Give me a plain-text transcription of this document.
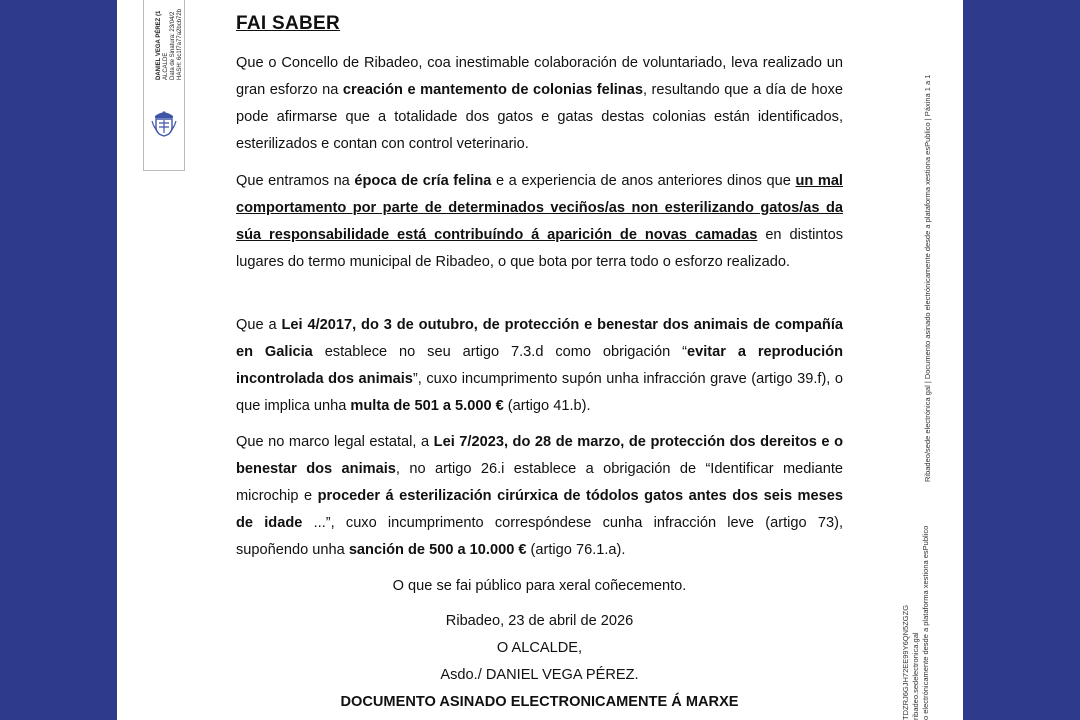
DANIEL VEGA PÉREZ (1 ALCALDE Data de Sinatura: 23/04/2 HASH: 6c1f7a77a2bcb72b
Ribadeo/sede electrónica gal | Documento asinado electrónicamente desde a plataforma xestiona esPublico | Páxina 1 a 1
TDZRJ6GJH72EE99Y6QN5ZGZG ribadeo.sedelectronica.gal o electrónicamente desde a plataforma xestiona esPublico
FAI SABER

Que o Concello de Ribadeo, coa inestimable colaboración de voluntariado, leva realizado un gran esforzo na creación e mantemento de colonias felinas, resultando que a día de hoxe pode afirmarse que a totalidade dos gatos e gatas destas colonias están identificados, esterilizados e contan con control veterinario.

Que entramos na época de cría felina e a experiencia de anos anteriores dinos que un mal comportamento por parte de determinados veciños/as non esterilizando gatos/as da súa responsabilidade está contribuíndo á aparición de novas camadas en distintos lugares do termo municipal de Ribadeo, o que bota por terra todo o esforzo realizado.

Que a Lei 4/2017, do 3 de outubro, de protección e benestar dos animais de compañía en Galicia establece no seu artigo 7.3.d como obrigación “evitar a reprodución incontrolada dos animais”, cuxo incumprimento supón unha infracción grave (artigo 39.f), o que implica unha multa de 501 a 5.000 € (artigo 41.b).

Que no marco legal estatal, a Lei 7/2023, do 28 de marzo, de protección dos dereitos e o benestar dos animais, no artigo 26.i establece a obrigación de “Identificar mediante microchip e proceder á esterilización cirúrxica de tódolos gatos antes dos seis meses de idade ...”, cuxo incumprimento correspóndese cunha infracción leve (artigo 73), supoñendo unha sanción de 500 a 10.000 € (artigo 76.1.a).

O que se fai público para xeral coñecemento.

Ribadeo, 23 de abril de 2026

O ALCALDE,

Asdo./ DANIEL VEGA PÉREZ.

DOCUMENTO ASINADO ELECTRONICAMENTE Á MARXE
